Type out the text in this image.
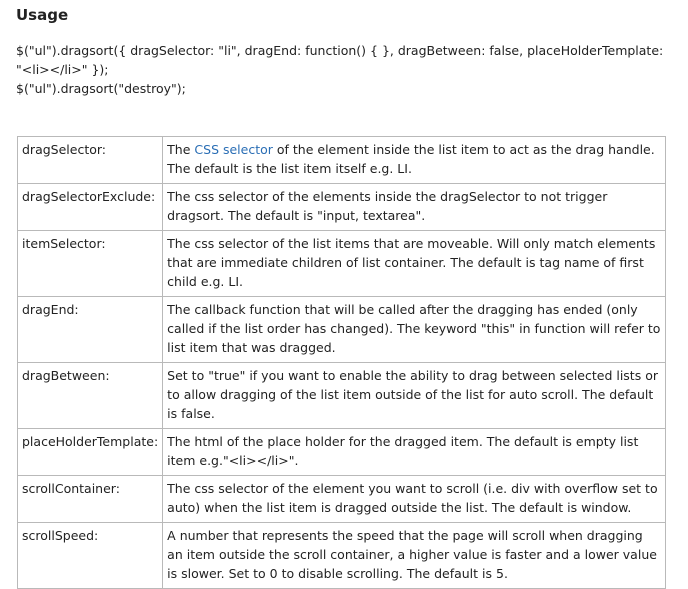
Usage
$("ul").dragsort({ dragSelector: "li", dragEnd: function() { }, dragBetween: false, placeHolderTemplate:
"<li></li>" });
$("ul").dragsort("destroy");
dragSelector:	The CSS selector of the element inside the list item to act as the drag handle. The default is the list item itself e.g. LI.
dragSelectorExclude:	The css selector of the elements inside the dragSelector to not trigger dragsort. The default is "input, textarea".
itemSelector:	The css selector of the list items that are moveable. Will only match elements that are immediate children of list container. The default is tag name of first child e.g. LI.
dragEnd:	The callback function that will be called after the dragging has ended (only called if the list order has changed). The keyword "this" in function will refer to list item that was dragged.
dragBetween:	Set to "true" if you want to enable the ability to drag between selected lists or to allow dragging of the list item outside of the list for auto scroll. The default is false.
placeHolderTemplate:	The html of the place holder for the dragged item. The default is empty list item e.g."<li></li>".
scrollContainer:	The css selector of the element you want to scroll (i.e. div with overflow set to auto) when the list item is dragged outside the list. The default is window.
scrollSpeed:	A number that represents the speed that the page will scroll when dragging an item outside the scroll container, a higher value is faster and a lower value is slower. Set to 0 to disable scrolling. The default is 5.
